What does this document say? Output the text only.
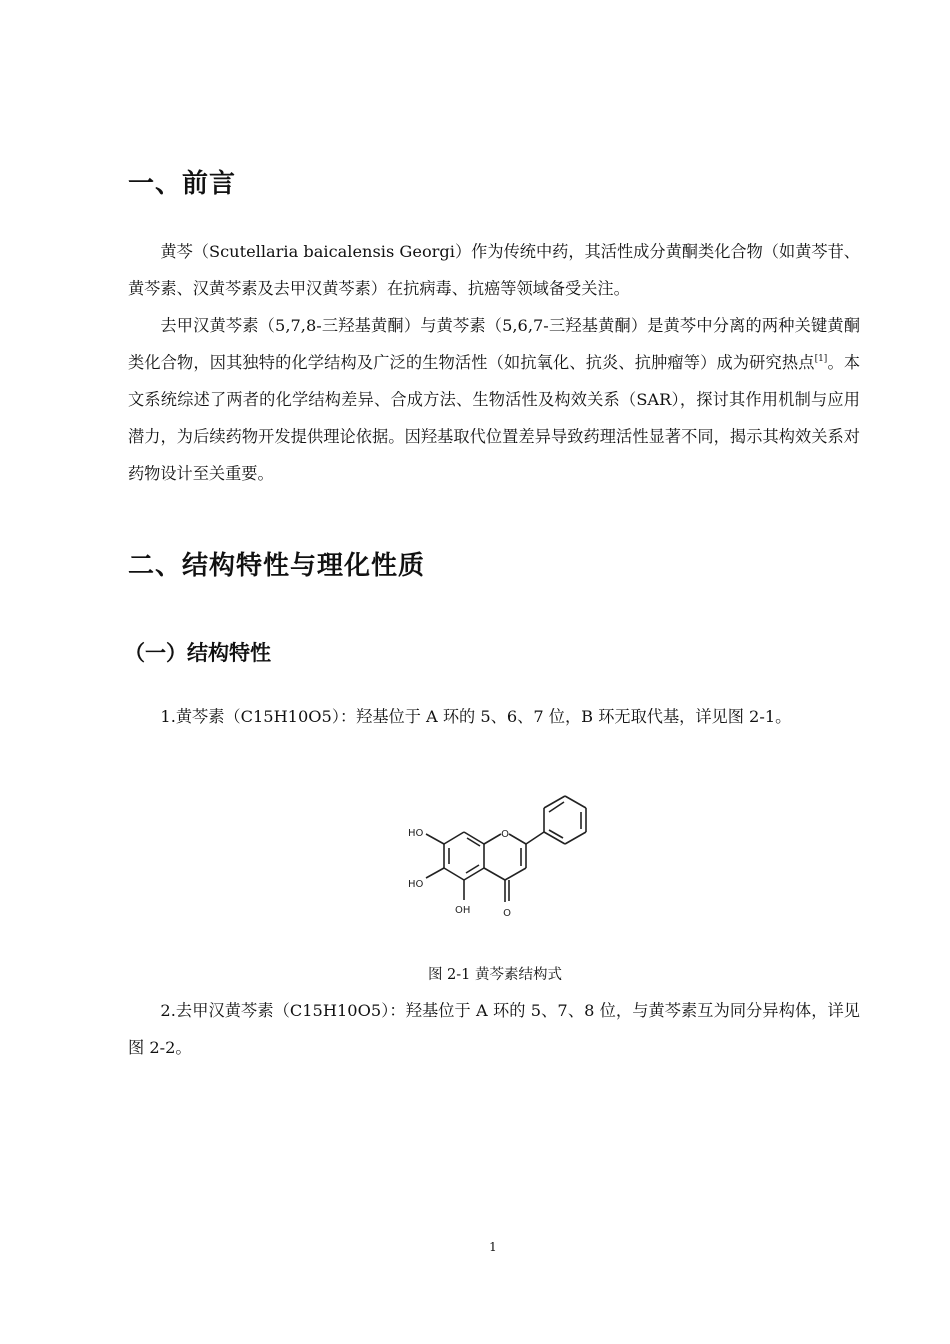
一、前言

黄芩（Scutellaria baicalensis Georgi）作为传统中药，其活性成分黄酮类化合物（如黄芩苷、黄芩素、汉黄芩素及去甲汉黄芩素）在抗病毒、抗癌等领域备受关注。

去甲汉黄芩素（5,7,8-三羟基黄酮）与黄芩素（5,6,7-三羟基黄酮）是黄芩中分离的两种关键黄酮类化合物，因其独特的化学结构及广泛的生物活性（如抗氧化、抗炎、抗肿瘤等）成为研究热点[1]。本文系统综述了两者的化学结构差异、合成方法、生物活性及构效关系（SAR），探讨其作用机制与应用潜力，为后续药物开发提供理论依据。因羟基取代位置差异导致药理活性显著不同，揭示其构效关系对药物设计至关重要。

二、结构特性与理化性质
（一）结构特性

1.黄芩素（C15H10O5）：羟基位于 A 环的 5、6、7 位，B 环无取代基，详见图 2-1。

O
O
HO
HO
OH

图 2-1 黄芩素结构式

2.去甲汉黄芩素（C15H10O5）：羟基位于 A 环的 5、7、8 位，与黄芩素互为同分异构体，详见图 2-2。

1
